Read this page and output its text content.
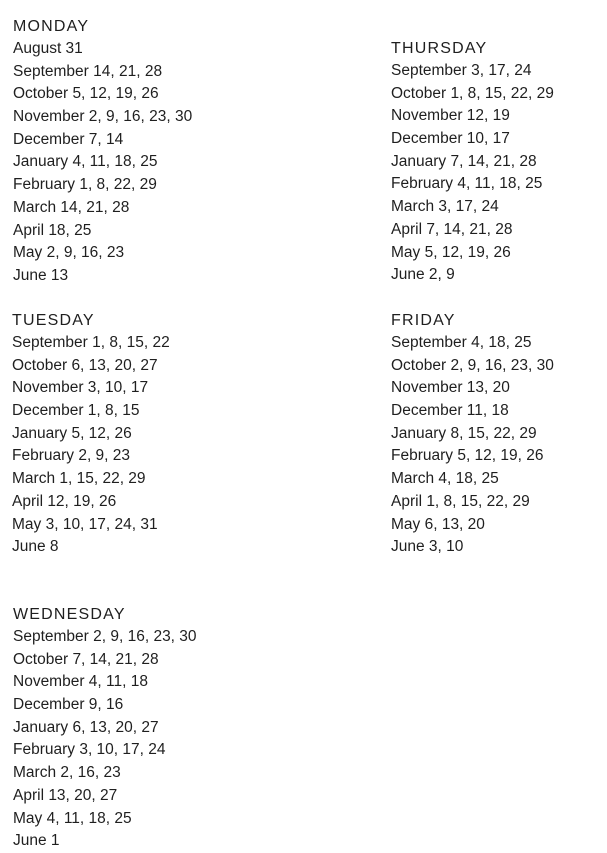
MONDAY
August 31
September 14, 21, 28
October 5, 12, 19, 26
November 2, 9, 16, 23, 30
December 7, 14
January 4, 11, 18, 25
February 1, 8, 22, 29
March 14, 21, 28
April 18, 25
May 2, 9, 16, 23
June 13
TUESDAY
September 1, 8, 15, 22
October 6, 13, 20, 27
November 3, 10, 17
December 1, 8, 15
January 5, 12, 26
February 2, 9, 23
March 1, 15, 22, 29
April 12, 19, 26
May 3, 10, 17, 24, 31
June 8
WEDNESDAY
September 2, 9, 16, 23, 30
October 7, 14, 21, 28
November 4, 11, 18
December 9, 16
January 6, 13, 20, 27
February 3, 10, 17, 24
March 2, 16, 23
April 13, 20, 27
May 4, 11, 18, 25
June 1
THURSDAY
September 3, 17, 24
October 1, 8, 15, 22, 29
November 12, 19
December 10, 17
January 7, 14, 21, 28
February 4, 11, 18, 25
March 3, 17, 24
April 7, 14, 21, 28
May 5, 12, 19, 26
June 2, 9
FRIDAY
September 4, 18, 25
October 2, 9, 16, 23, 30
November 13, 20
December 11, 18
January 8, 15, 22, 29
February 5, 12, 19, 26
March 4, 18, 25
April 1, 8, 15, 22, 29
May 6, 13, 20
June 3, 10
